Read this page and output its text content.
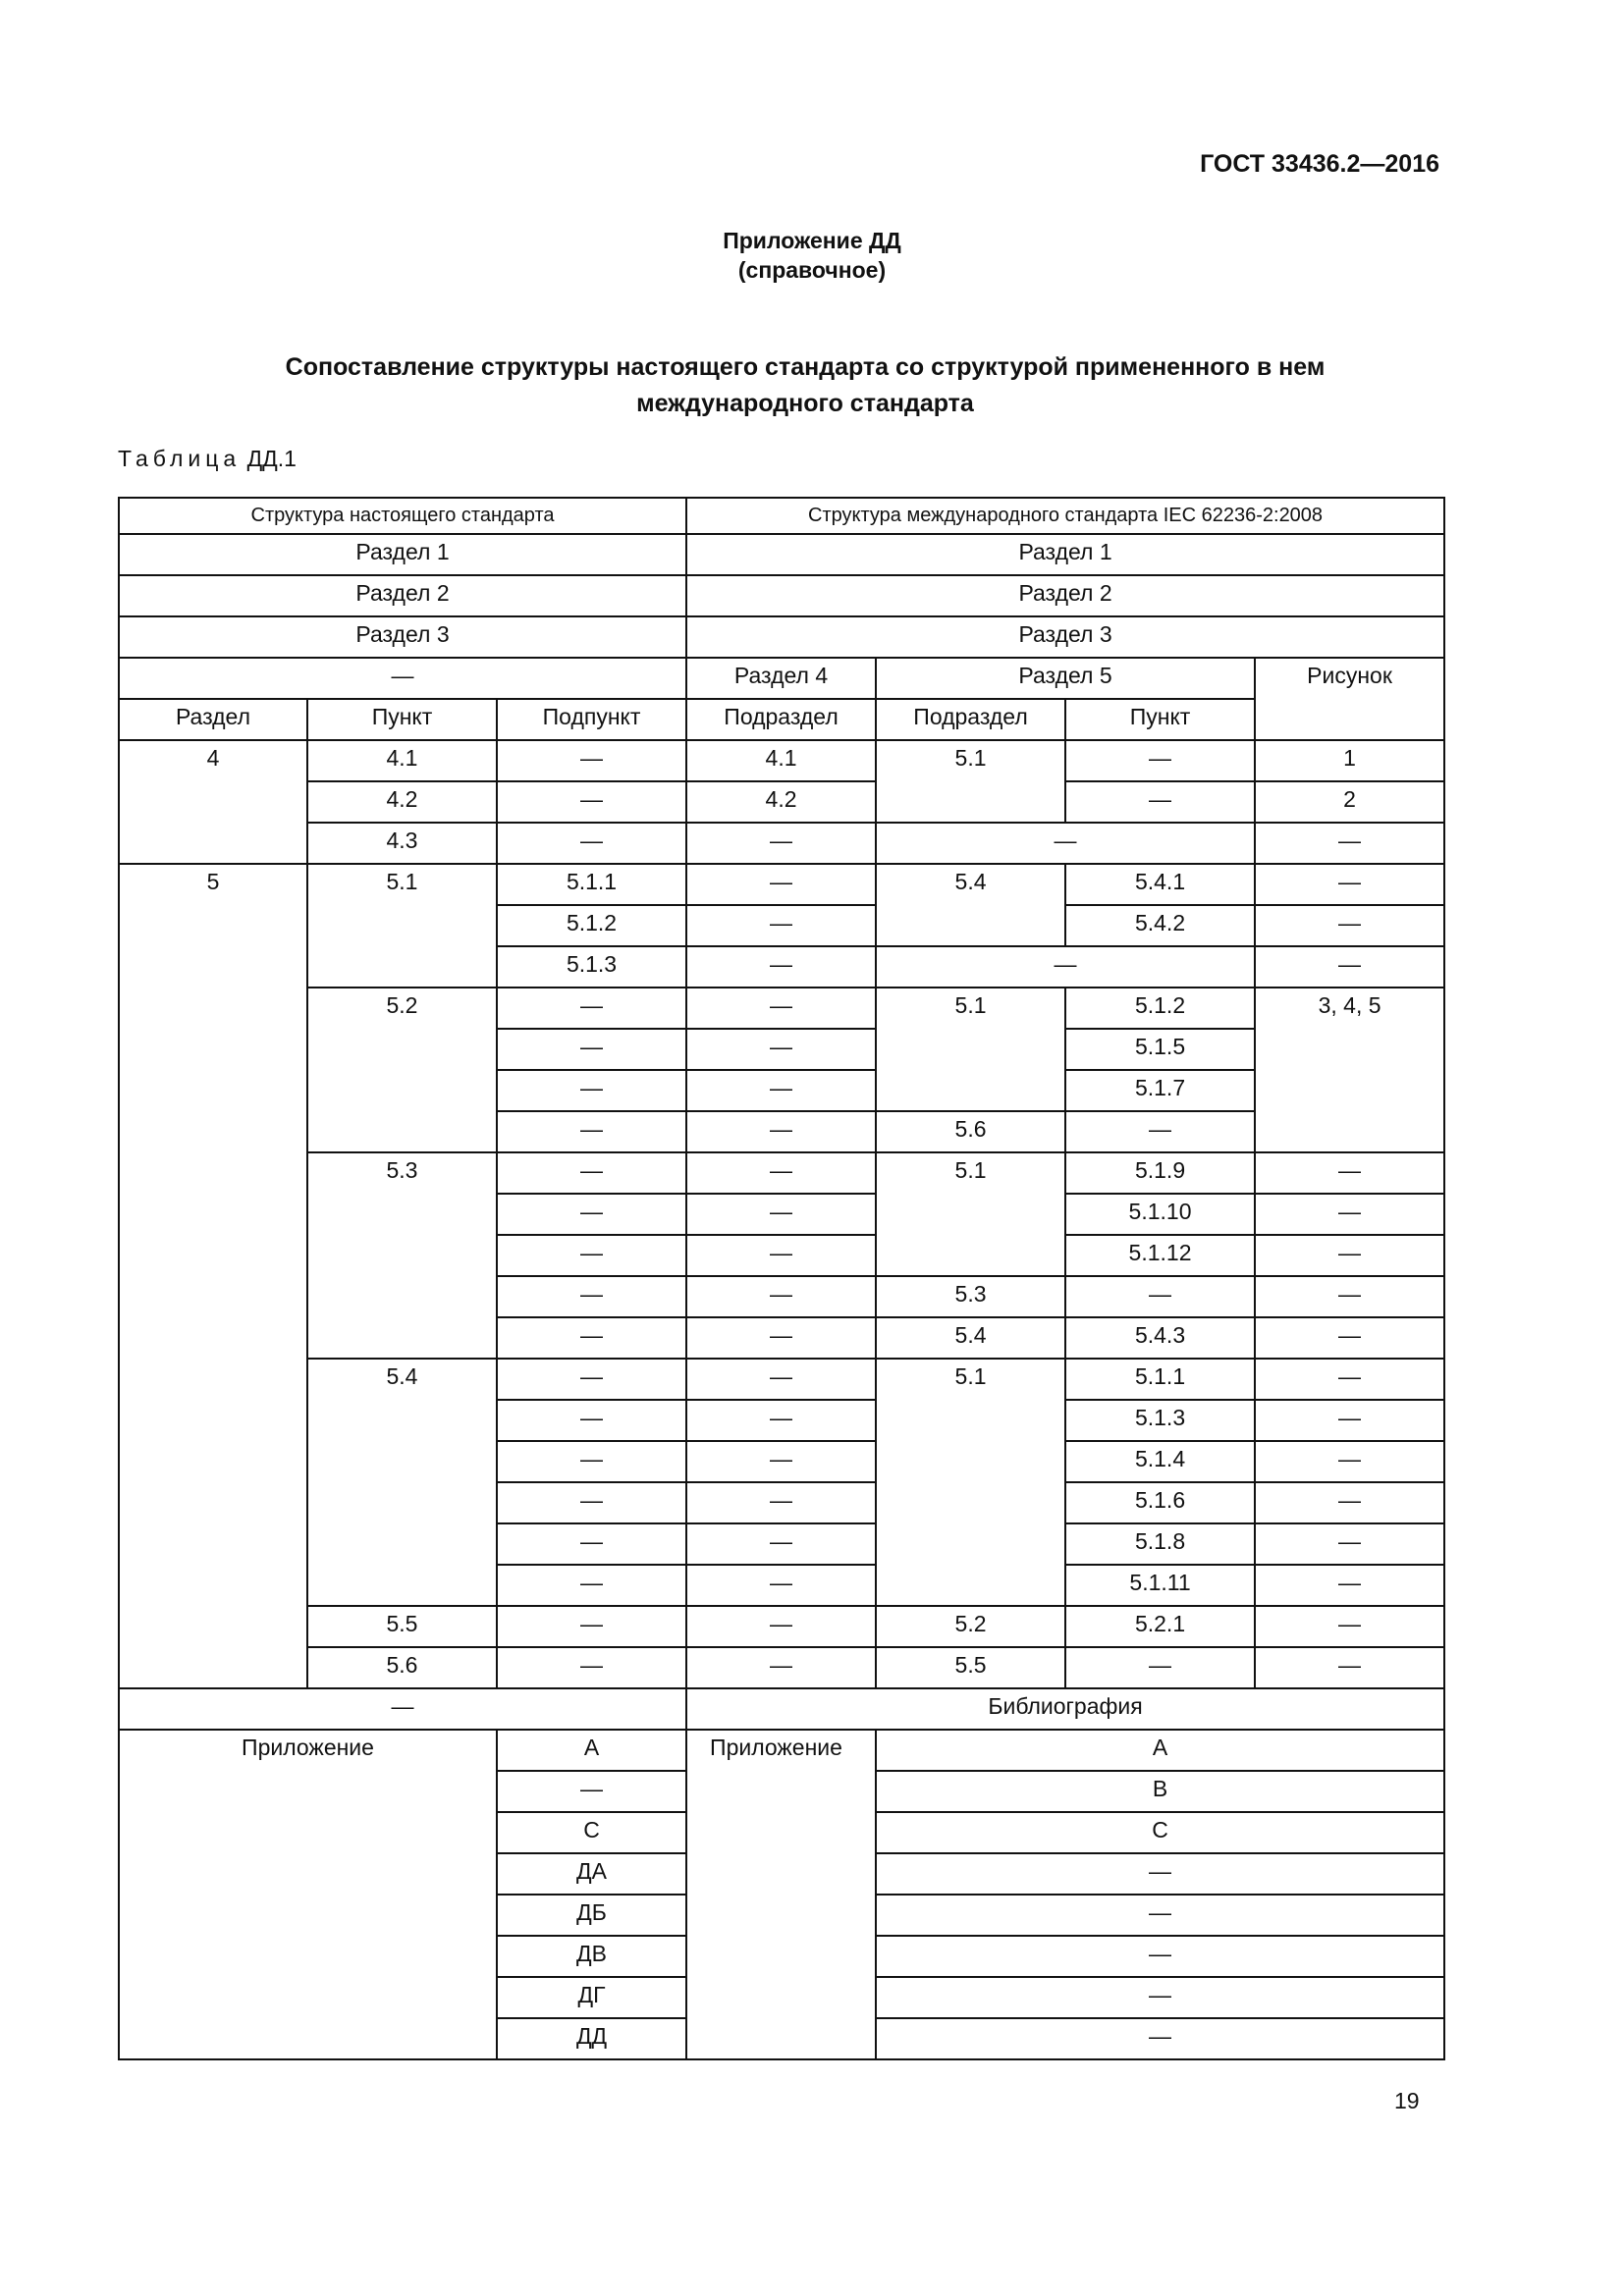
ГОСТ 33436.2—2016
Приложение ДД
(справочное)
Сопоставление структуры настоящего стандарта со структурой примененного в нем
международного стандарта
Таблица ДД.1
Структура настоящего стандарта			Структура международного стандарта IEC 62236-2:2008			
Раздел 1			Раздел 1			
Раздел 2			Раздел 2			
Раздел 3			Раздел 3			
—			Раздел 4	Раздел 5		Рисунок
Раздел	Пункт	Подпункт	Подраздел	Подраздел	Пункт	
4	4.1	—	4.1	5.1	—	1
	4.2	—	4.2		—	2
	4.3	—	—	—		—
5	5.1	5.1.1	—	5.4	5.4.1	—
		5.1.2	—		5.4.2	—
		5.1.3	—	—		—
	5.2	—	—	5.1	5.1.2	3, 4, 5
		—	—		5.1.5	
		—	—		5.1.7	
		—	—	5.6	—	
	5.3	—	—	5.1	5.1.9	—
		—	—		5.1.10	—
		—	—		5.1.12	—
		—	—	5.3	—	—
		—	—	5.4	5.4.3	—
	5.4	—	—	5.1	5.1.1	—
		—	—		5.1.3	—
		—	—		5.1.4	—
		—	—		5.1.6	—
		—	—		5.1.8	—
		—	—		5.1.11	—
	5.5	—	—	5.2	5.2.1	—
	5.6	—	—	5.5	—	—
—			Библиография			
Приложение		А	Приложение	А		
		—		В		
		С		С		
		ДА		—		
		ДБ		—		
		ДВ		—		
		ДГ		—		
		ДД		—		
19
